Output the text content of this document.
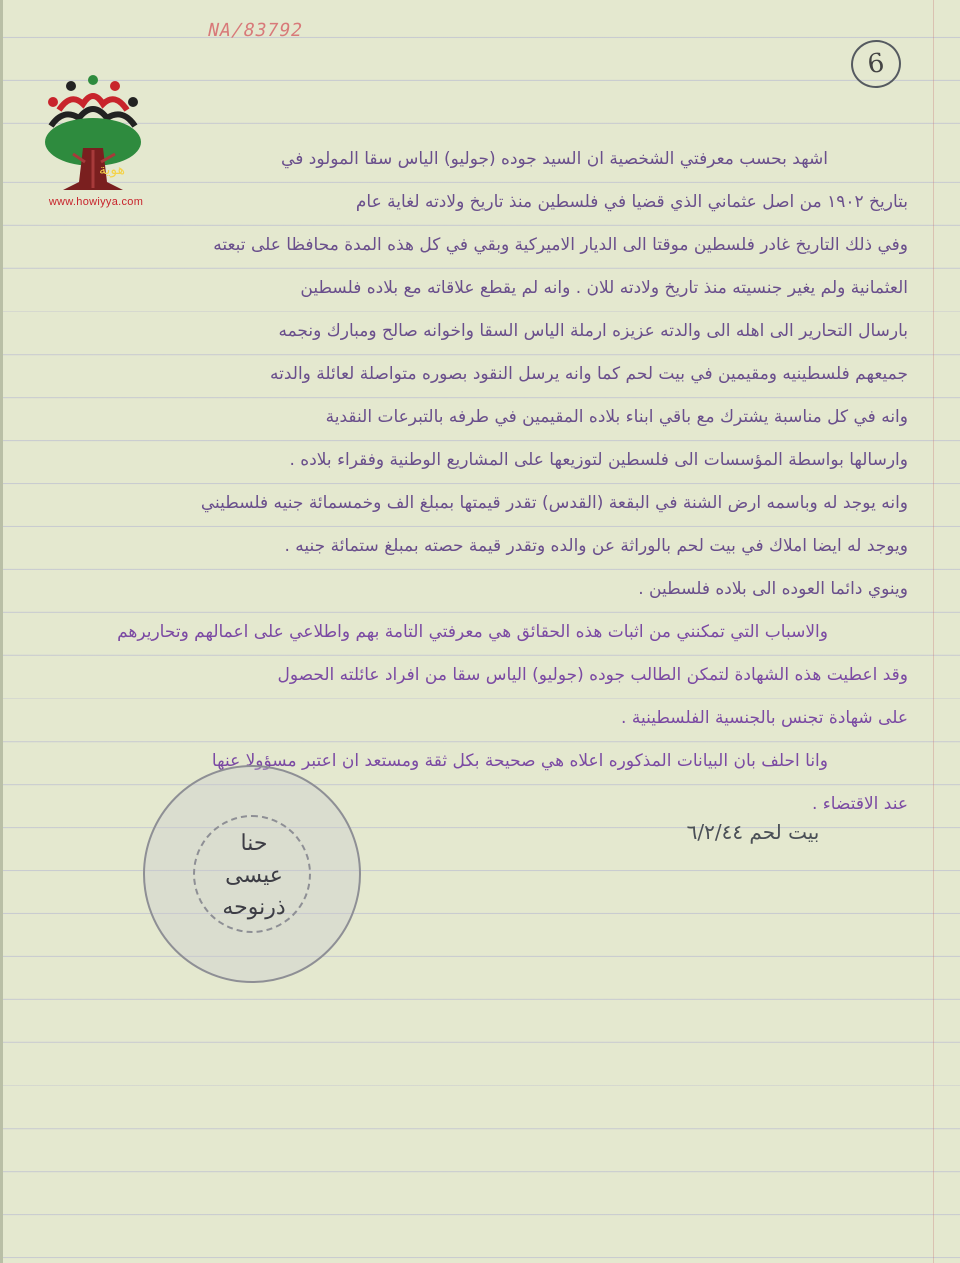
NA/83792
6
هوية
www.howiyya.com
اشهد بحسب معرفتي الشخصية ان السيد جوده (جوليو) الياس سقا المولود في
بتاريخ ١٩٠٢ من اصل عثماني الذي قضيا في فلسطين منذ تاريخ ولادته لغاية عام
وفي ذلك التاريخ غادر فلسطين موقتا الى الديار الاميركية وبقي في كل هذه المدة محافظا على تبعته
العثمانية ولم يغير جنسيته منذ تاريخ ولادته للان . وانه لم يقطع علاقاته مع بلاده فلسطين
بارسال التحارير الى اهله الى والدته عزيزه ارملة الياس السقا واخوانه صالح ومبارك ونجمه
جميعهم فلسطينيه ومقيمين في بيت لحم كما وانه يرسل النقود بصوره متواصلة لعائلة والدته
وانه في كل مناسبة يشترك مع باقي ابناء بلاده المقيمين في طرفه بالتبرعات النقدية
وارسالها بواسطة المؤسسات الى فلسطين لتوزيعها على المشاريع الوطنية وفقراء بلاده .
وانه يوجد له وباسمه ارض الشنة في البقعة (القدس) تقدر قيمتها بمبلغ الف وخمسمائة جنيه فلسطيني
ويوجد له ايضا املاك في بيت لحم بالوراثة عن والده وتقدر قيمة حصته بمبلغ ستمائة جنيه .
وينوي دائما العوده الى بلاده فلسطين .
والاسباب التي تمكنني من اثبات هذه الحقائق هي معرفتي التامة بهم واطلاعي على اعمالهم وتحاريرهم
وقد اعطيت هذه الشهادة لتمكن الطالب جوده (جوليو) الياس سقا من افراد عائلته الحصول
على شهادة تجنس بالجنسية الفلسطينية .
وانا احلف بان البيانات المذكوره اعلاه هي صحيحة بكل ثقة ومستعد ان اعتبر مسؤولا عنها
عند الاقتضاء .
حنا
عيسى
ذرنوحه
بيت لحم ٦/٢/٤٤
